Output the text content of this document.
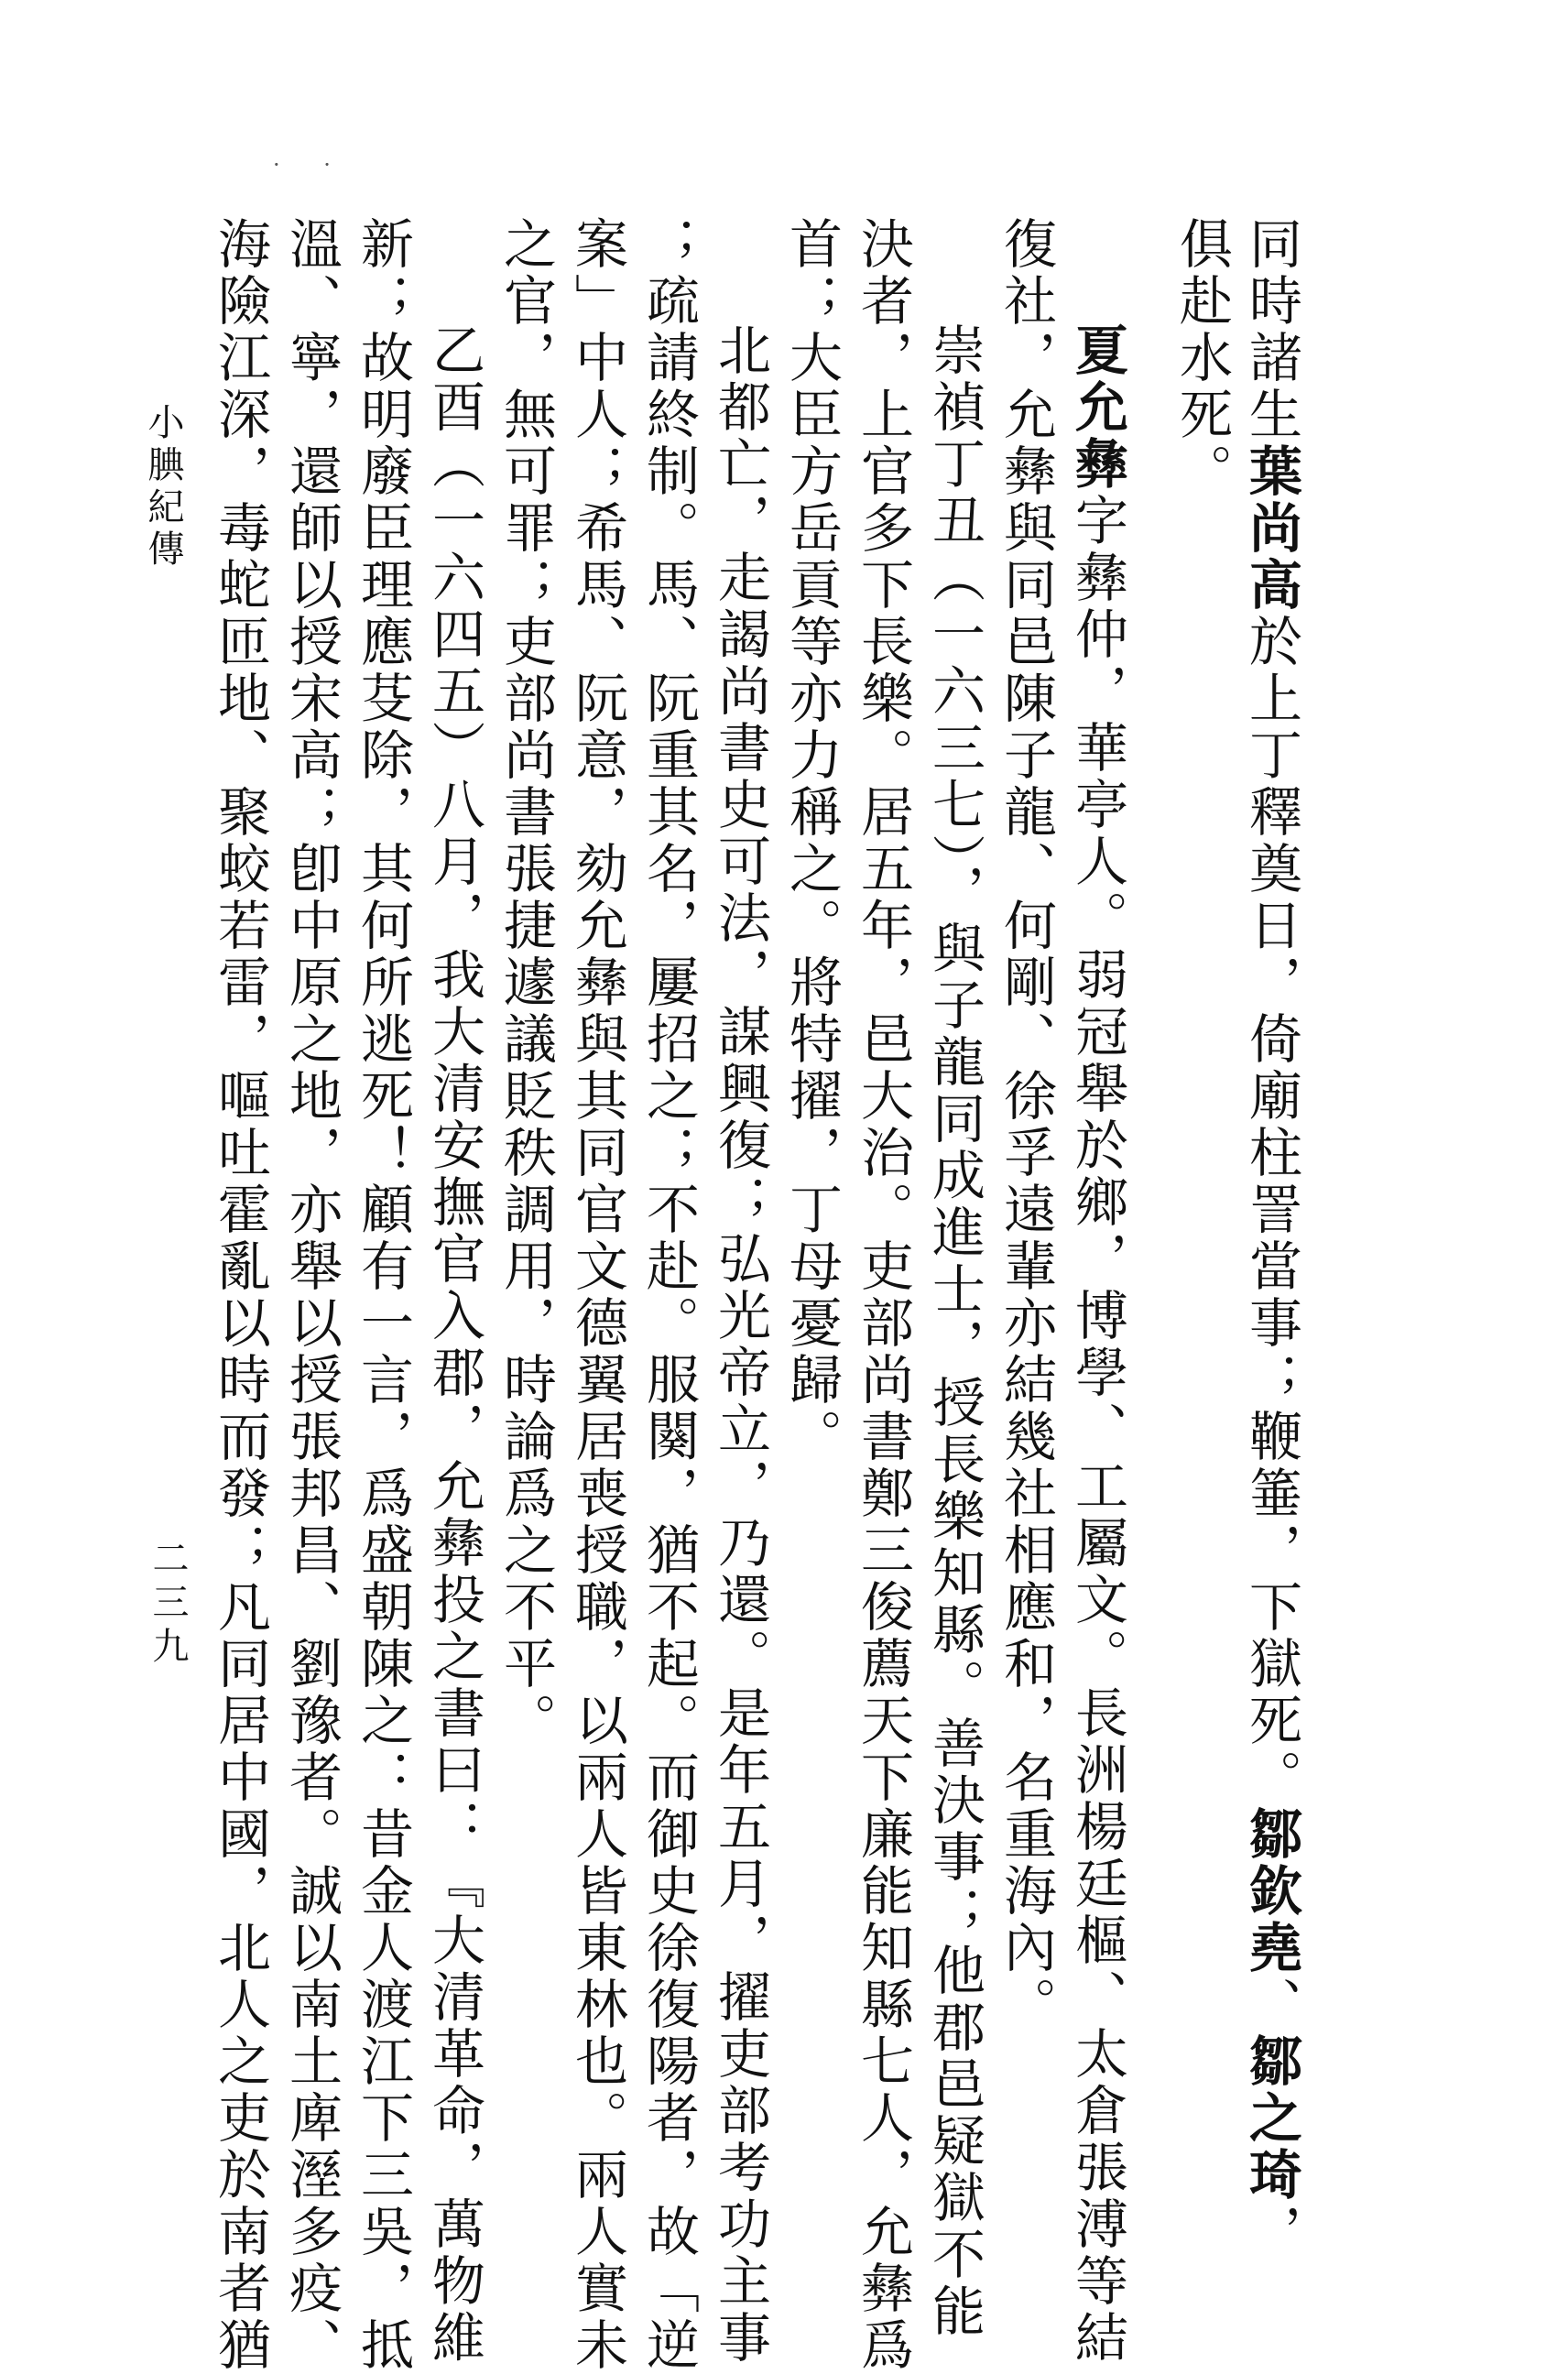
· ·
同時諸生葉尚高於上丁釋奠日，倚廟柱詈當事；鞭箠，下獄死。鄒欽堯、鄒之琦，
俱赴水死。
夏允彝字彝仲，華亭人。弱冠舉於鄉，博學、工屬文。長洲楊廷樞、太倉張溥等結
復社，允彝與同邑陳子龍、何剛、徐孚遠輩亦結幾社相應和，名重海內。
崇禎丁丑（一六三七），與子龍同成進士，授長樂知縣。善決事；他郡邑疑獄不能
決者，上官多下長樂。居五年，邑大治。吏部尚書鄭三俊薦天下廉能知縣七人，允彝爲
首；大臣方岳貢等亦力稱之。將特擢，丁母憂歸。
北都亡，走謁尚書史可法，謀興復；弘光帝立，乃還。是年五月，擢吏部考功主事
；疏請終制。馬、阮重其名，屢招之；不赴。服闋，猶不起。而御史徐復陽者，故「逆
案」中人；希馬、阮意，劾允彝與其同官文德翼居喪授職，以兩人皆東林也。兩人實未
之官，無可罪；吏部尚書張捷遽議貶秩調用，時論爲之不平。
乙酉（一六四五）八月，我大清安撫官入郡，允彝投之書曰：『大清革命，萬物維
新；故明廢臣理應芟除，其何所逃死！顧有一言，爲盛朝陳之：昔金人渡江下三吳，抵
溫、寧，還師以授宋高；卽中原之地，亦舉以授張邦昌、劉豫者。誠以南土庳溼多疫、
海險江深，毒蛇匝地、聚蛟若雷，嘔吐霍亂以時而發；凡同居中國，北人之吏於南者猶
小腆紀傳
二三九
